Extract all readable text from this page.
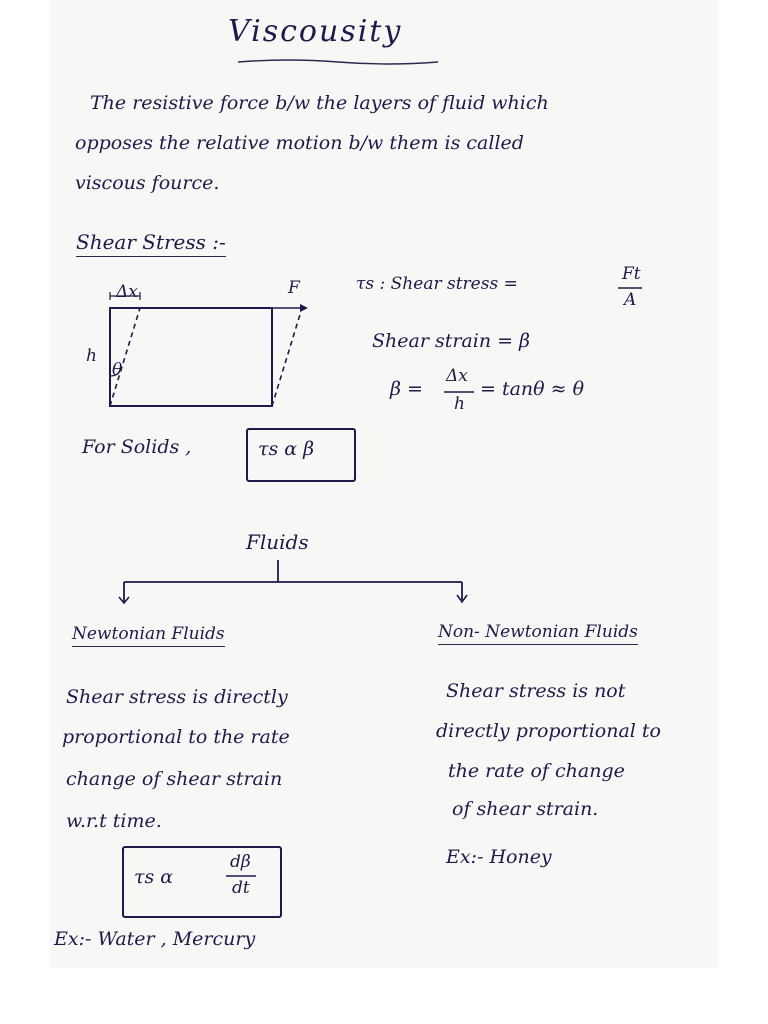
Viscousity
The resistive force b/w the layers of fluid which
opposes the relative motion b/w them is called
viscous fource.
Shear Stress :-
Δx	F
h
θ
τs : Shear stress =	Ft
A
Shear strain = β
β =
Δx
h
= tanθ ≈ θ
For Solids ,	τs α β
Fluids
Newtonian Fluids
Shear stress is directly
proportional to the rate
change of shear strain
w.r.t time.
τs α
dβ
dt
Ex:- Water , Mercury
Non- Newtonian Fluids
Shear stress is not
directly proportional to
the rate of change
of shear strain.
Ex:- Honey
